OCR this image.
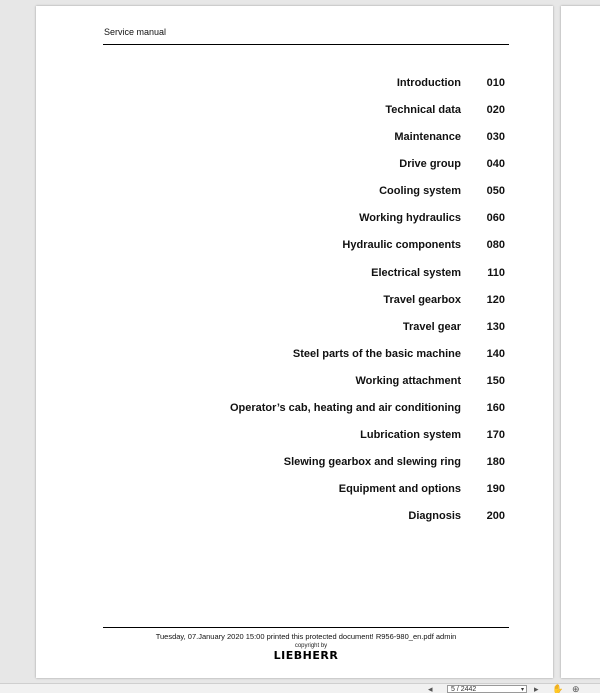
Service manual
Introduction	010
Technical data	020
Maintenance	030
Drive group	040
Cooling system	050
Working hydraulics	060
Hydraulic components	080
Electrical system	110
Travel gearbox	120
Travel gear	130
Steel parts of the basic machine	140
Working attachment	150
Operator’s cab, heating and air conditioning	160
Lubrication system	170
Slewing gearbox and slewing ring	180
Equipment and options	190
Diagnosis	200
Tuesday, 07.January 2020 15:00 printed this protected document! R956-980_en.pdf admin
copyright by
LIEBHERR
◂	5 / 2442	▾ ▸ ✋ ⊕
